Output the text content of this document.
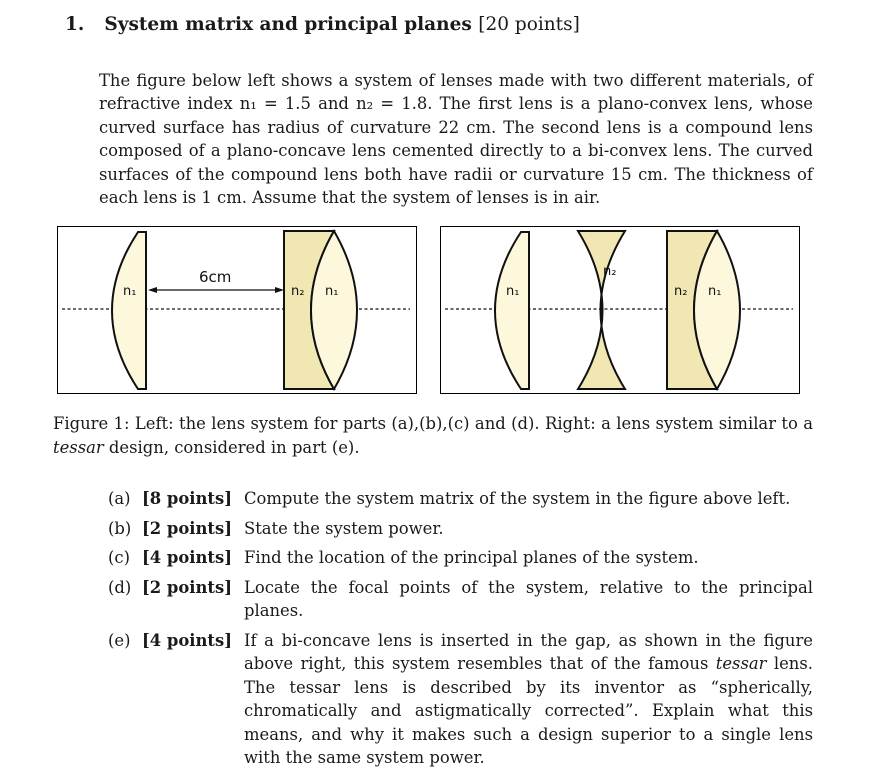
1. System matrix and principal planes [20 points]

The figure below left shows a system of lenses made with two different materials, of refractive index n₁ = 1.5 and n₂ = 1.8. The first lens is a plano-convex lens, whose curved surface has radius of curvature 22 cm. The second lens is a compound lens composed of a plano-concave lens cemented directly to a bi-convex lens. The curved surfaces of the compound lens both have radii or curvature 15 cm. The thickness of each lens is 1 cm. Assume that the system of lenses is in air.

6cm
n₁	n₂ n₁	n₁
n₂
n₂ n₁

Figure 1: Left: the lens system for parts (a),(b),(c) and (d). Right: a lens system similar to a tessar design, considered in part (e).

(a) [8 points] Compute the system matrix of the system in the figure above left.
(b) [2 points] State the system power.
(c) [4 points] Find the location of the principal planes of the system.
(d) [2 points] Locate the focal points of the system, relative to the principal planes.
(e) [4 points] If a bi-concave lens is inserted in the gap, as shown in the figure above right, this system resembles that of the famous tessar lens. The tessar lens is described by its inventor as “spherically, chromatically and astigmatically corrected”. Explain what this means, and why it makes such a design superior to a single lens with the same system power.
